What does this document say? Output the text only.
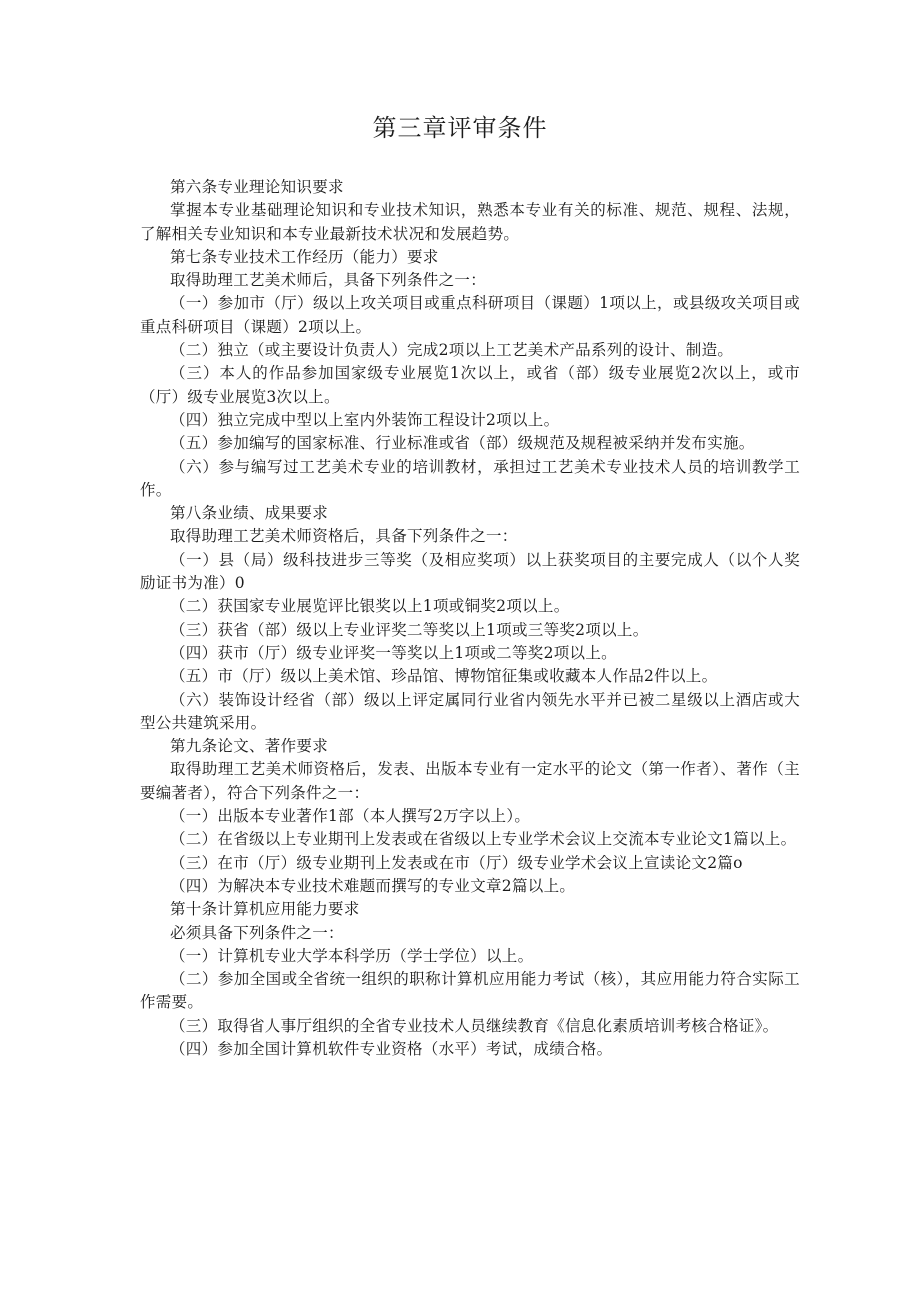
第三章评审条件

第六条专业理论知识要求

掌握本专业基础理论知识和专业技术知识，熟悉本专业有关的标准、规范、规程、法规，了解相关专业知识和本专业最新技术状况和发展趋势。

第七条专业技术工作经历（能力）要求

取得助理工艺美术师后，具备下列条件之一：

（一）参加市（厅）级以上攻关项目或重点科研项目（课题）1项以上，或县级攻关项目或重点科研项目（课题）2项以上。

（二）独立（或主要设计负责人）完成2项以上工艺美术产品系列的设计、制造。

（三）本人的作品参加国家级专业展览1次以上，或省（部）级专业展览2次以上，或市（厅）级专业展览3次以上。

（四）独立完成中型以上室内外装饰工程设计2项以上。

（五）参加编写的国家标准、行业标准或省（部）级规范及规程被采纳并发布实施。

（六）参与编写过工艺美术专业的培训教材，承担过工艺美术专业技术人员的培训教学工作。

第八条业绩、成果要求

取得助理工艺美术师资格后，具备下列条件之一：

（一）县（局）级科技进步三等奖（及相应奖项）以上获奖项目的主要完成人（以个人奖励证书为准）0

（二）获国家专业展览评比银奖以上1项或铜奖2项以上。

（三）获省（部）级以上专业评奖二等奖以上1项或三等奖2项以上。

（四）获市（厅）级专业评奖一等奖以上1项或二等奖2项以上。

（五）市（厅）级以上美术馆、珍品馆、博物馆征集或收藏本人作品2件以上。

（六）装饰设计经省（部）级以上评定属同行业省内领先水平并已被二星级以上酒店或大型公共建筑采用。

第九条论文、著作要求

取得助理工艺美术师资格后，发表、出版本专业有一定水平的论文（第一作者）、著作（主要编著者），符合下列条件之一：

（一）出版本专业著作1部（本人撰写2万字以上）。

（二）在省级以上专业期刊上发表或在省级以上专业学术会议上交流本专业论文1篇以上。

（三）在市（厅）级专业期刊上发表或在市（厅）级专业学术会议上宣读论文2篇o

（四）为解决本专业技术难题而撰写的专业文章2篇以上。

第十条计算机应用能力要求

必须具备下列条件之一：

（一）计算机专业大学本科学历（学士学位）以上。

（二）参加全国或全省统一组织的职称计算机应用能力考试（核），其应用能力符合实际工作需要。

（三）取得省人事厅组织的全省专业技术人员继续教育《信息化素质培训考核合格证》。

（四）参加全国计算机软件专业资格（水平）考试，成绩合格。
